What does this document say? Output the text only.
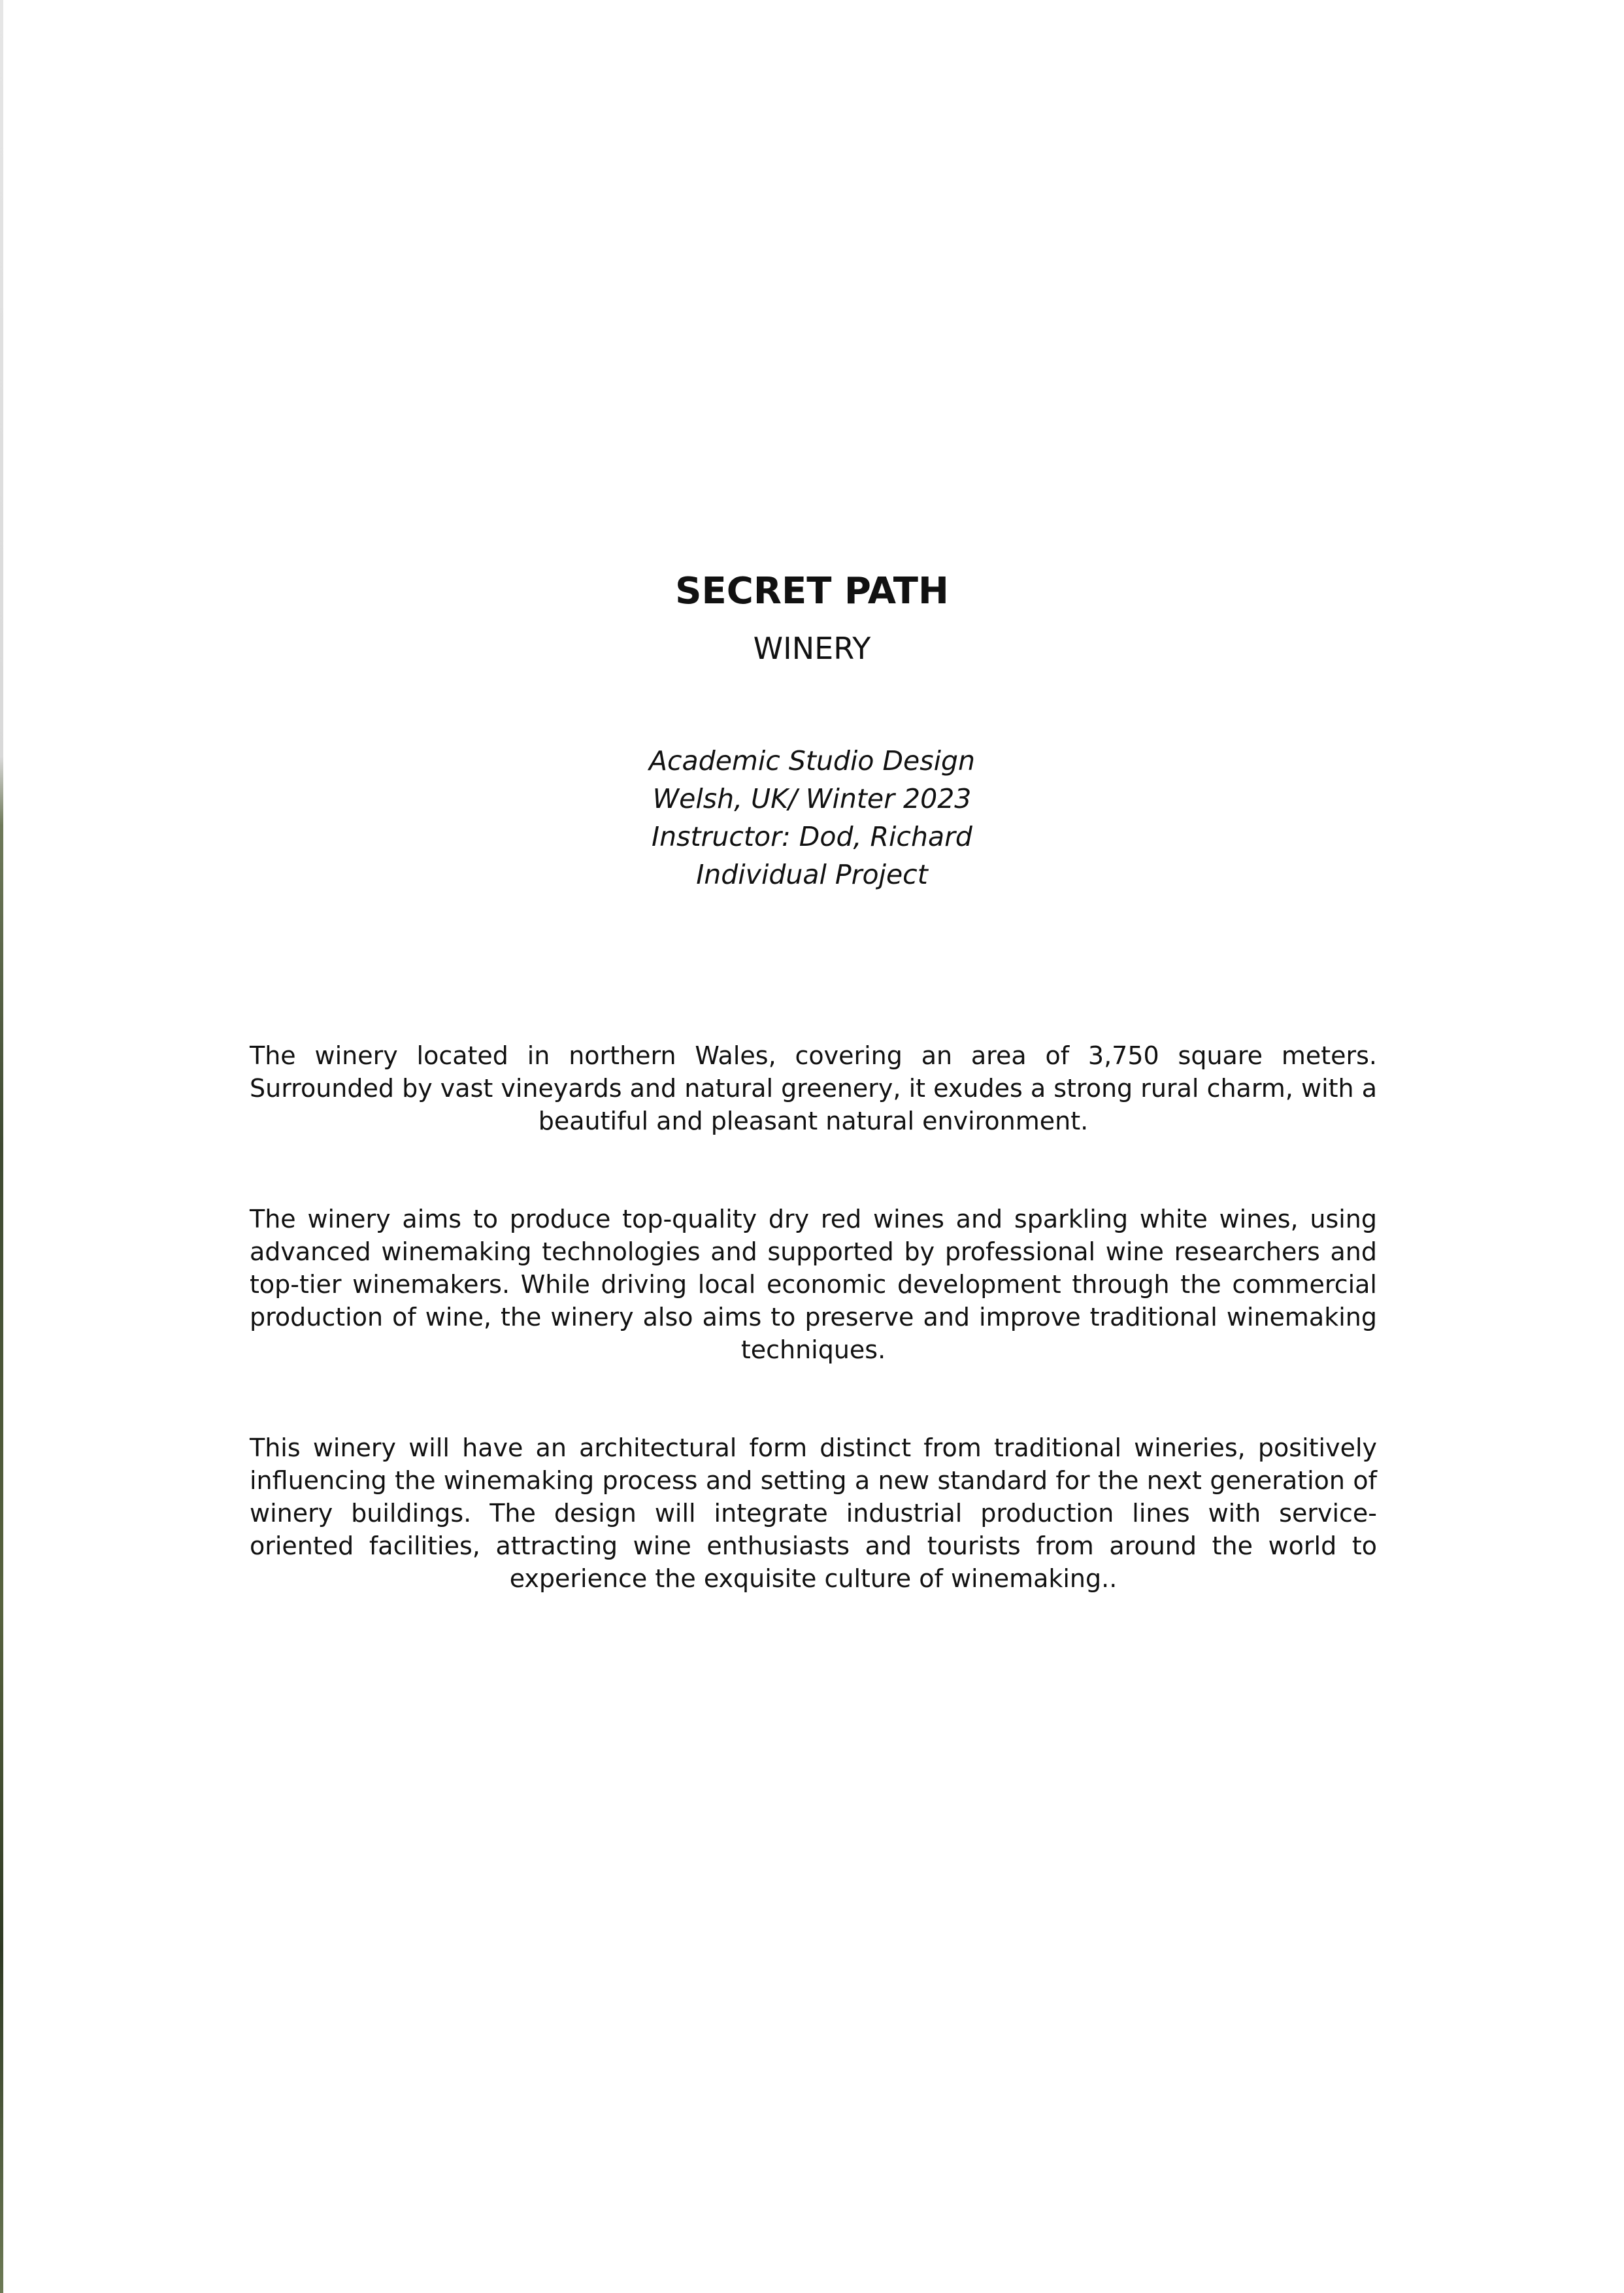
SECRET PATH
WINERY

Academic Studio Design

Welsh, UK/ Winter 2023

Instructor: Dod, Richard

Individual Project

The winery located in northern Wales, covering an area of 3,750 square meters. Surrounded by vast vineyards and natural greenery, it exudes a strong rural charm, with a beautiful and pleasant natural environment.

The winery aims to produce top-quality dry red wines and sparkling white wines, using advanced winemaking technologies and supported by professional wine researchers and top-tier winemakers. While driving local economic development through the commercial production of wine, the winery also aims to preserve and improve traditional winemaking techniques.

This winery will have an architectural form distinct from traditional wineries, positively influencing the winemaking process and setting a new standard for the next generation of winery buildings. The design will integrate industrial production lines with service-oriented facilities, attracting wine enthusiasts and tourists from around the world to experience the exquisite culture of winemaking..
